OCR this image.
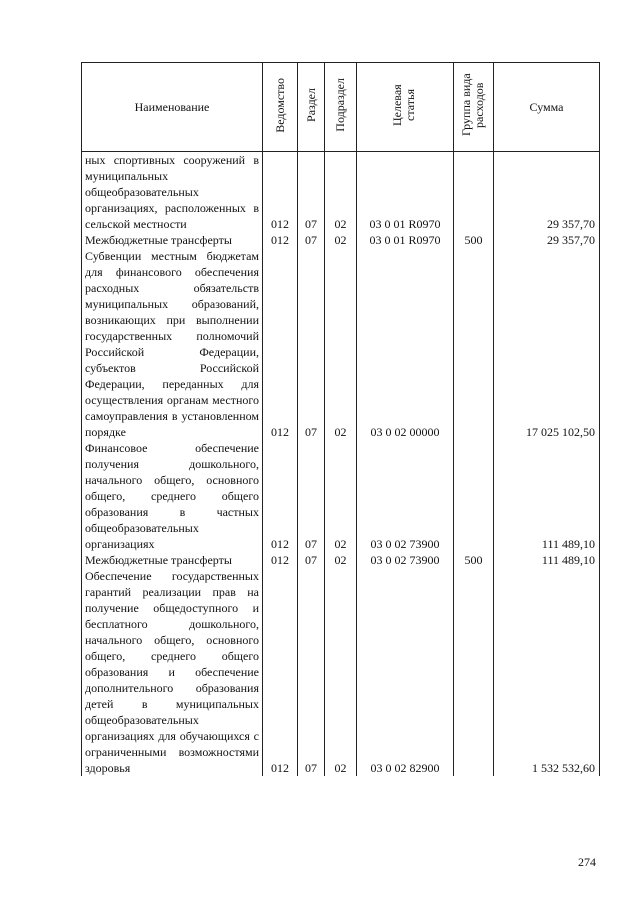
Наименование	Ведомство	Раздел	Подраздел	Целевая статья	Группа вида расходов	Сумма
ных спортивных сооружений в муниципальных общеобразовательных организациях, расположенных в сельской местности	012	07	02	03 0 01 R0970		29 357,70
Межбюджетные трансферты	012	07	02	03 0 01 R0970	500	29 357,70
Субвенции местным бюджетам для финансового обеспечения расходных обязательств муниципальных образований, возникающих при выполнении государственных полномочий Российской Федерации, субъектов Российской Федерации, переданных для осуществления органам местного самоуправления в установленном порядке	012	07	02	03 0 02 00000		17 025 102,50
Финансовое обеспечение получения дошкольного, начального общего, основного общего, среднего общего образования в частных общеобразовательных организациях	012	07	02	03 0 02 73900		111 489,10
Межбюджетные трансферты	012	07	02	03 0 02 73900	500	111 489,10
Обеспечение государственных гарантий реализации прав на получение общедоступного и бесплатного дошкольного, начального общего, основного общего, среднего общего образования и обеспечение дополнительного образования детей в муниципальных общеобразовательных организациях для обучающихся с ограниченными возможностями здоровья	012	07	02	03 0 02 82900		1 532 532,60
274
